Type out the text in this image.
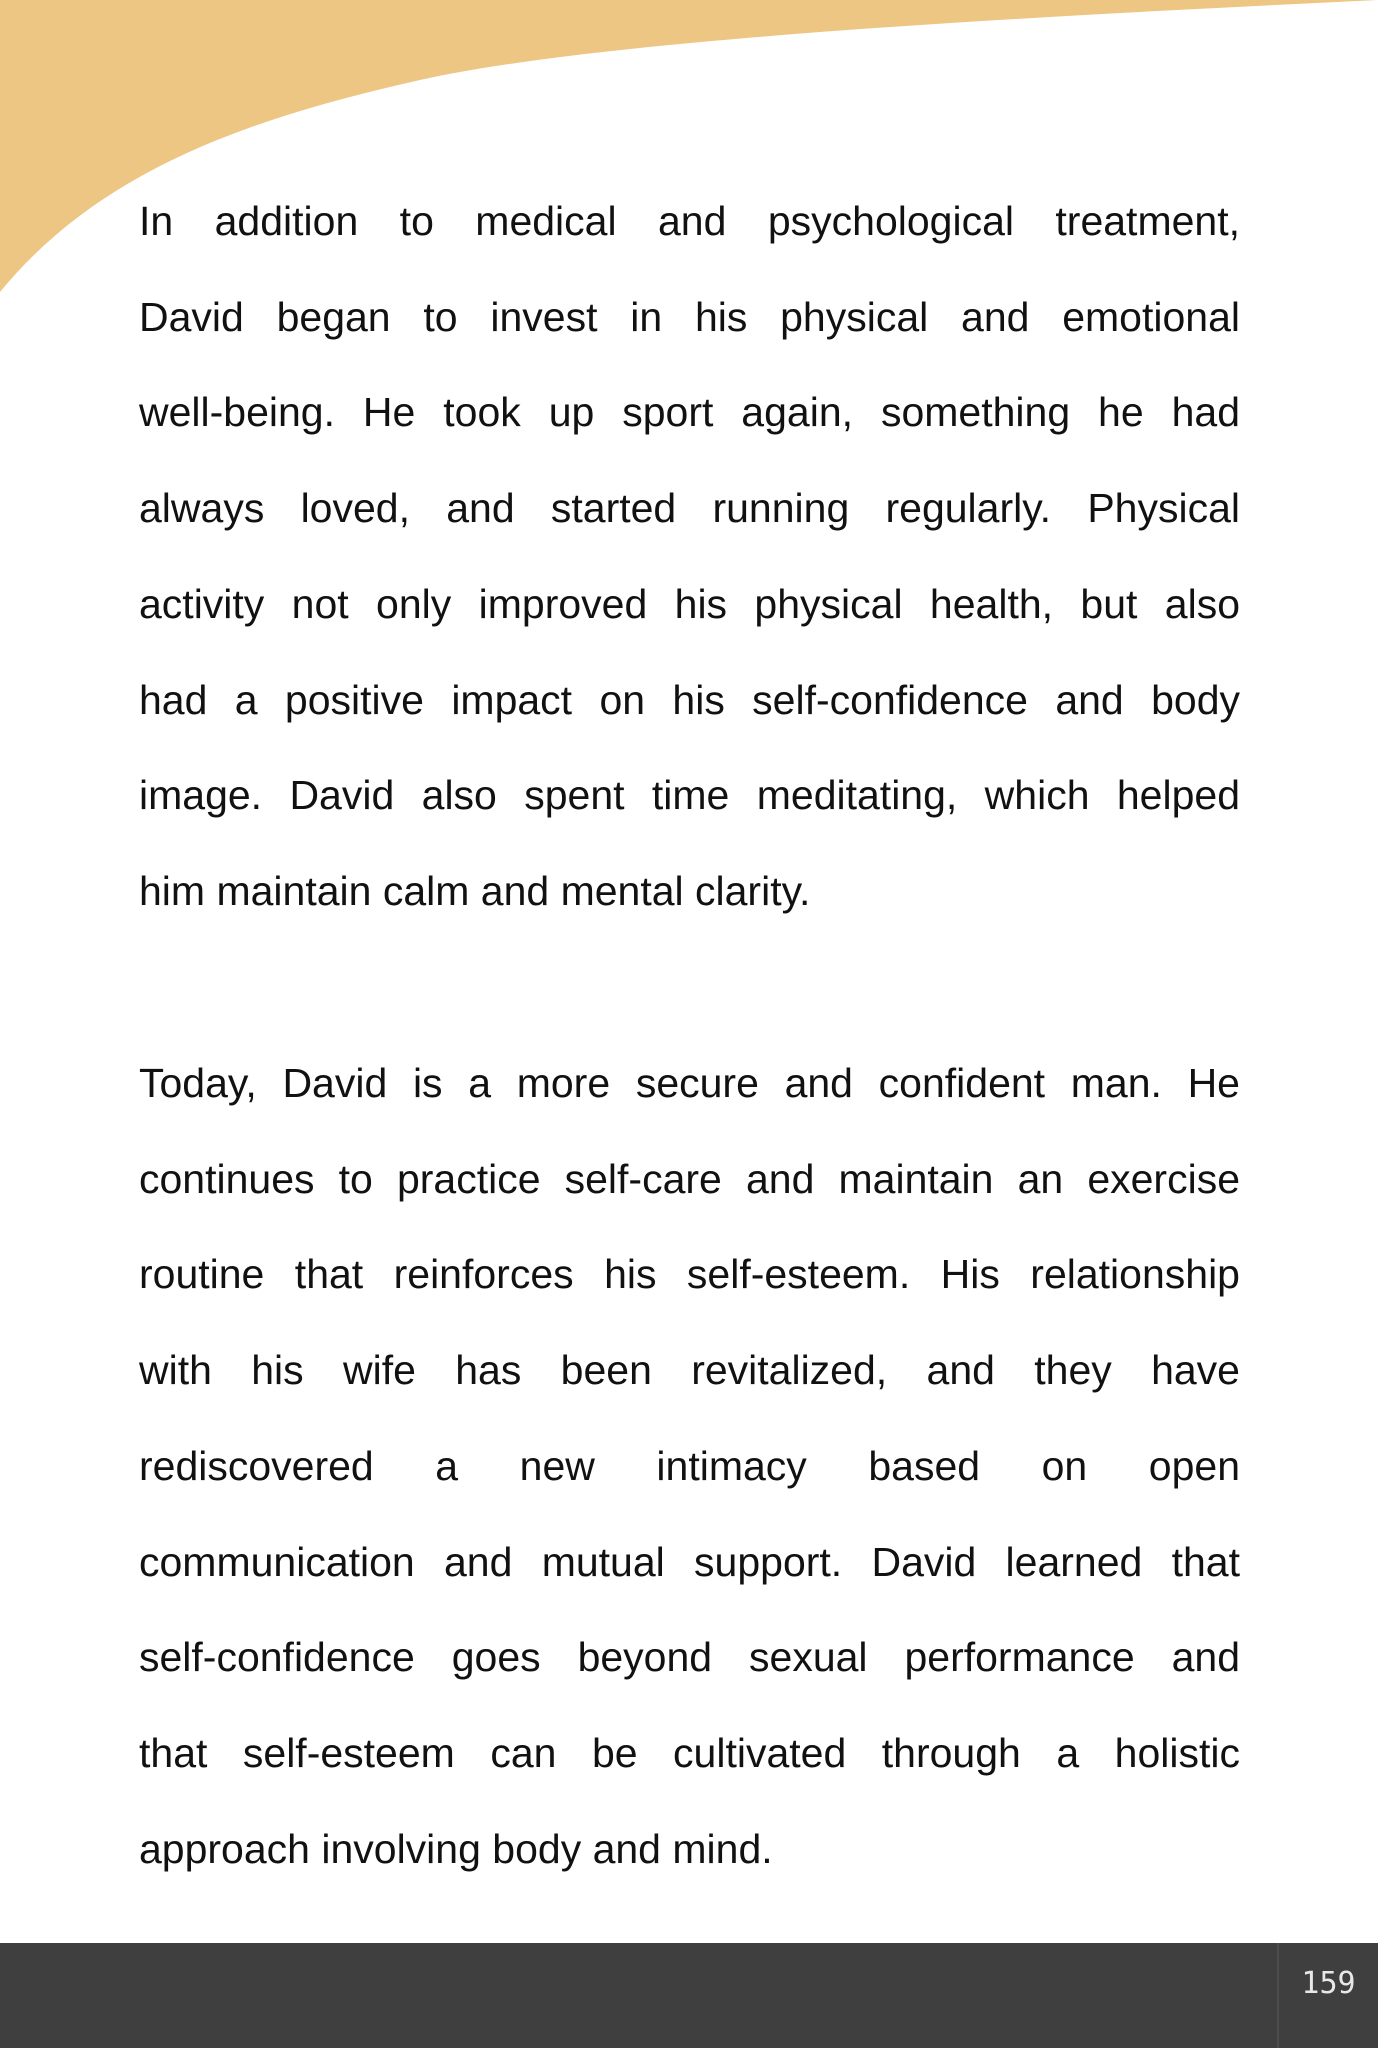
In addition to medical and psychological treatment,
David began to invest in his physical and emotional
well-being. He took up sport again, something he had
always loved, and started running regularly. Physical
activity not only improved his physical health, but also
had a positive impact on his self-confidence and body
image. David also spent time meditating, which helped
him maintain calm and mental clarity.
Today, David is a more secure and confident man. He
continues to practice self-care and maintain an exercise
routine that reinforces his self-esteem. His relationship
with his wife has been revitalized, and they have
rediscovered a new intimacy based on open
communication and mutual support. David learned that
self-confidence goes beyond sexual performance and
that self-esteem can be cultivated through a holistic
approach involving body and mind.
159
